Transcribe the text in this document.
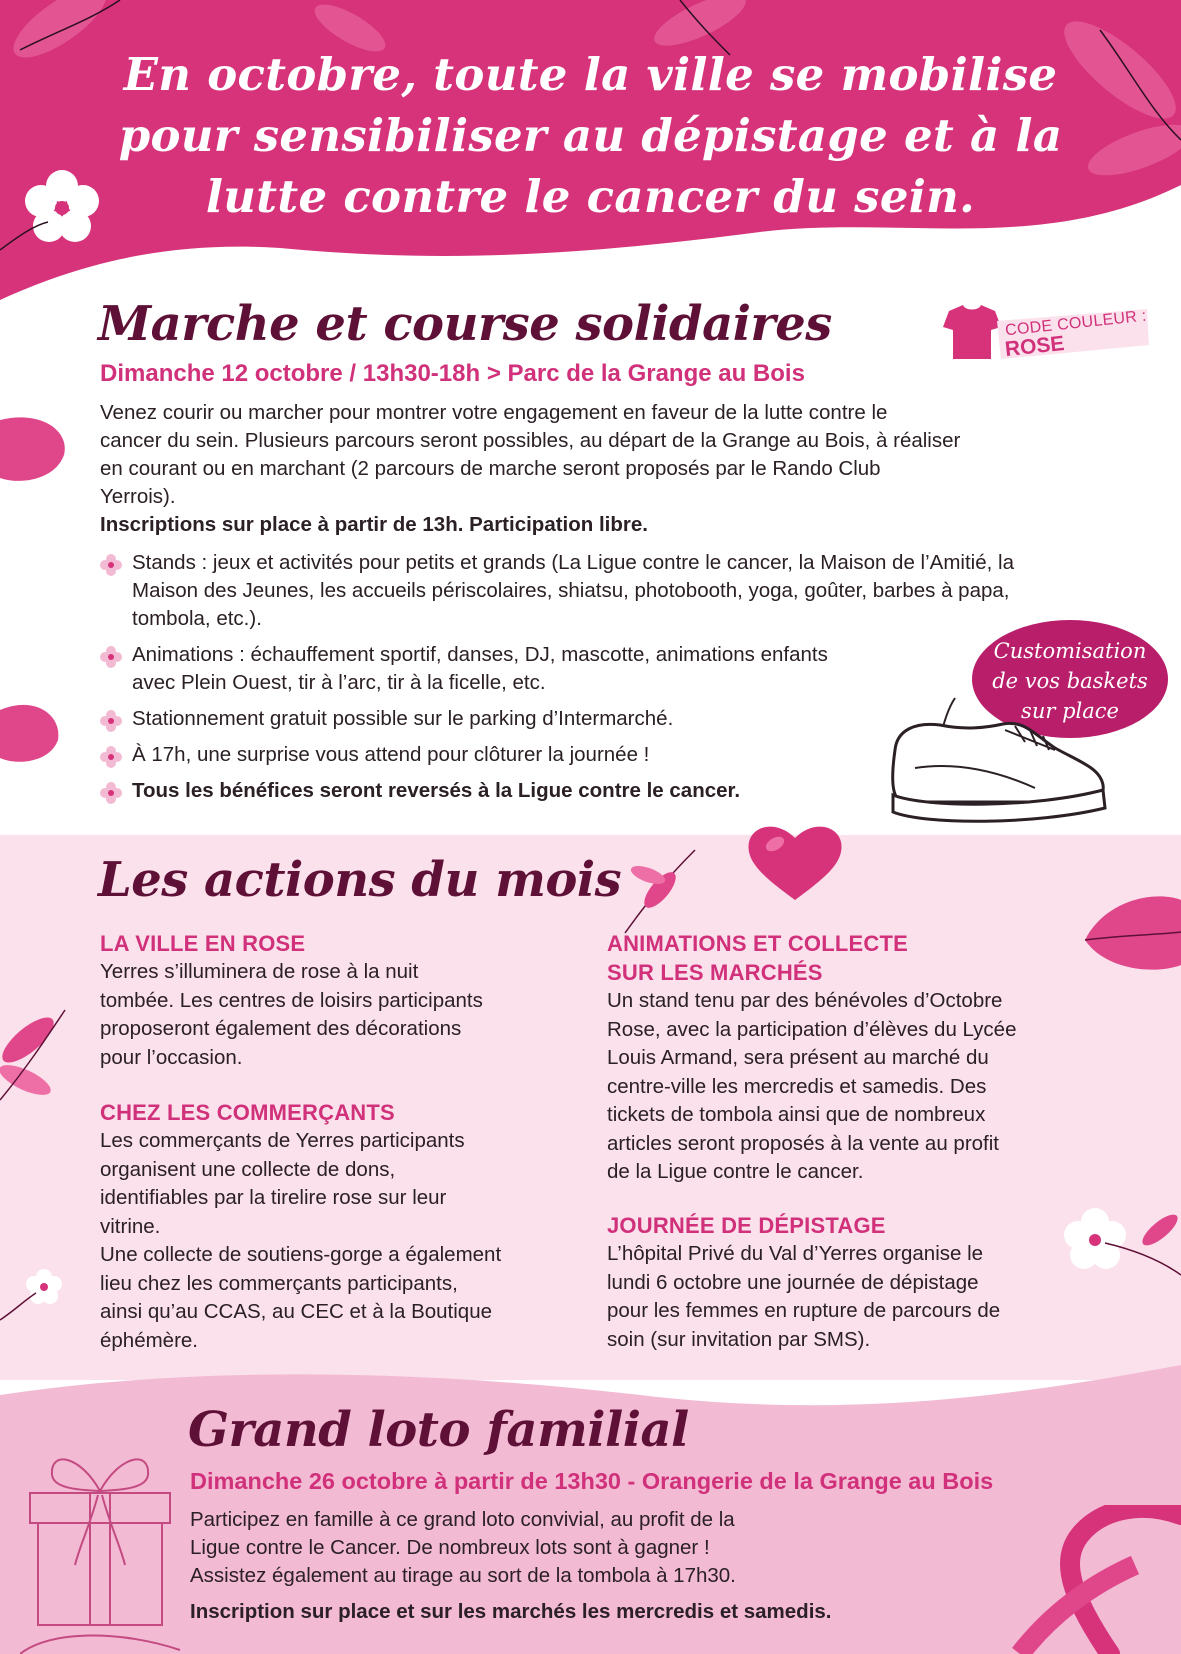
En octobre, toute la ville se mobilise
pour sensibiliser au dépistage et à la
lutte contre le cancer du sein.
Marche et course solidaires	CODE COULEUR :
ROSE
Dimanche 12 octobre / 13h30-18h > Parc de la Grange au Bois
Venez courir ou marcher pour montrer votre engagement en faveur de la lutte contre le
cancer du sein. Plusieurs parcours seront possibles, au départ de la Grange au Bois, à réaliser
en courant ou en marchant (2 parcours de marche seront proposés par le Rando Club
Yerrois).
Inscriptions sur place à partir de 13h. Participation libre.
Stands : jeux et activités pour petits et grands (La Ligue contre le cancer, la Maison de l’Amitié, la Maison des Jeunes, les accueils périscolaires, shiatsu, photobooth, yoga, goûter, barbes à papa, tombola, etc.).
Animations : échauffement sportif, danses, DJ, mascotte, animations enfants avec Plein Ouest, tir à l’arc, tir à la ficelle, etc.
Stationnement gratuit possible sur le parking d’Intermarché.
À 17h, une surprise vous attend pour clôturer la journée !
Tous les bénéfices seront reversés à la Ligue contre le cancer.
Customisation
de vos baskets
sur place
Les actions du mois
LA VILLE EN ROSE
Yerres s’illuminera de rose à la nuit
tombée. Les centres de loisirs participants
proposeront également des décorations
pour l’occasion.
CHEZ LES COMMERÇANTS
Les commerçants de Yerres participants
organisent une collecte de dons,
identifiables par la tirelire rose sur leur
vitrine.
Une collecte de soutiens-gorge a également
lieu chez les commerçants participants,
ainsi qu’au CCAS, au CEC et à la Boutique
éphémère.
ANIMATIONS ET COLLECTE
SUR LES MARCHÉS
Un stand tenu par des bénévoles d’Octobre
Rose, avec la participation d’élèves du Lycée
Louis Armand, sera présent au marché du
centre-ville les mercredis et samedis. Des
tickets de tombola ainsi que de nombreux
articles seront proposés à la vente au profit
de la Ligue contre le cancer.
JOURNÉE DE DÉPISTAGE
L’hôpital Privé du Val d’Yerres organise le
lundi 6 octobre une journée de dépistage
pour les femmes en rupture de parcours de
soin (sur invitation par SMS).
Grand loto familial
Dimanche 26 octobre à partir de 13h30 - Orangerie de la Grange au Bois
Participez en famille à ce grand loto convivial, au profit de la
Ligue contre le Cancer. De nombreux lots sont à gagner !
Assistez également au tirage au sort de la tombola à 17h30.
Inscription sur place et sur les marchés les mercredis et samedis.
